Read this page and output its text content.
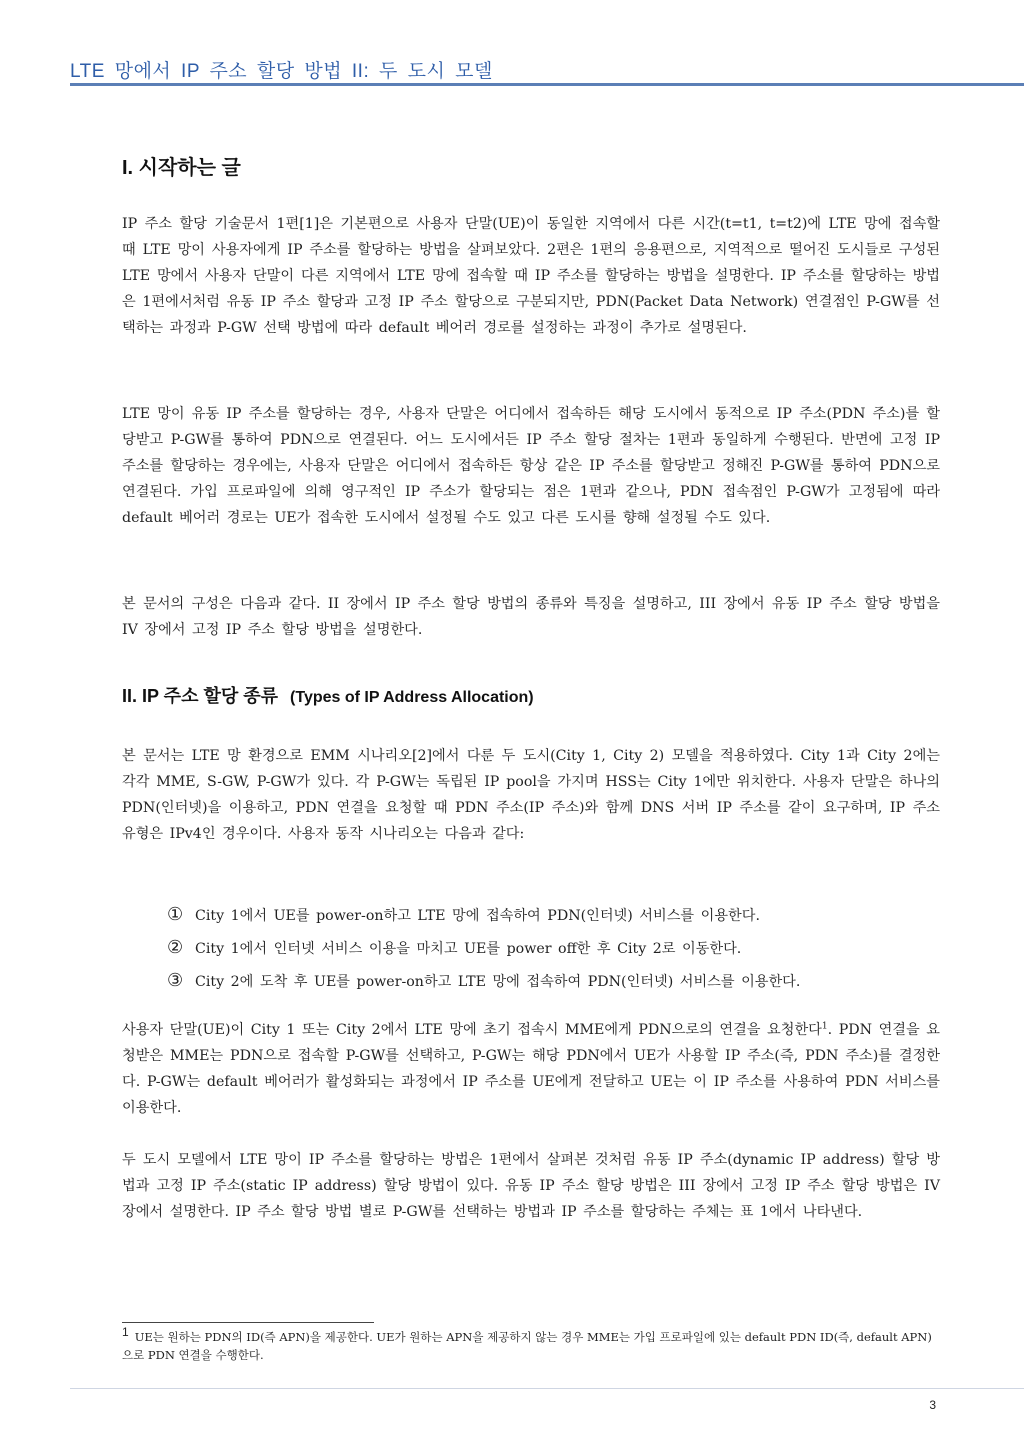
LTE 망에서 IP 주소 할당 방법 II: 두 도시 모델
I. 시작하는 글

IP 주소 할당 기술문서 1편[1]은 기본편으로 사용자 단말(UE)이 동일한 지역에서 다른 시간(t=t1, t=t2)에 LTE 망에 접속할 때 LTE 망이 사용자에게 IP 주소를 할당하는 방법을 살펴보았다. 2편은 1편의 응용편으로, 지역적으로 떨어진 도시들로 구성된 LTE 망에서 사용자 단말이 다른 지역에서 LTE 망에 접속할 때 IP 주소를 할당하는 방법을 설명한다. IP 주소를 할당하는 방법은 1편에서처럼 유동 IP 주소 할당과 고정 IP 주소 할당으로 구분되지만, PDN(Packet Data Network) 연결점인 P-GW를 선택하는 과정과 P-GW 선택 방법에 따라 default 베어러 경로를 설정하는 과정이 추가로 설명된다.

LTE 망이 유동 IP 주소를 할당하는 경우, 사용자 단말은 어디에서 접속하든 해당 도시에서 동적으로 IP 주소(PDN 주소)를 할당받고 P-GW를 통하여 PDN으로 연결된다. 어느 도시에서든 IP 주소 할당 절차는 1편과 동일하게 수행된다. 반면에 고정 IP 주소를 할당하는 경우에는, 사용자 단말은 어디에서 접속하든 항상 같은 IP 주소를 할당받고 정해진 P-GW를 통하여 PDN으로 연결된다. 가입 프로파일에 의해 영구적인 IP 주소가 할당되는 점은 1편과 같으나, PDN 접속점인 P-GW가 고정됨에 따라 default 베어러 경로는 UE가 접속한 도시에서 설정될 수도 있고 다른 도시를 향해 설정될 수도 있다.

본 문서의 구성은 다음과 같다. II 장에서 IP 주소 할당 방법의 종류와 특징을 설명하고, III 장에서 유동 IP 주소 할당 방법을 IV 장에서 고정 IP 주소 할당 방법을 설명한다.

II. IP 주소 할당 종류 (Types of IP Address Allocation)

본 문서는 LTE 망 환경으로 EMM 시나리오[2]에서 다룬 두 도시(City 1, City 2) 모델을 적용하였다. City 1과 City 2에는 각각 MME, S-GW, P-GW가 있다. 각 P-GW는 독립된 IP pool을 가지며 HSS는 City 1에만 위치한다. 사용자 단말은 하나의 PDN(인터넷)을 이용하고, PDN 연결을 요청할 때 PDN 주소(IP 주소)와 함께 DNS 서버 IP 주소를 같이 요구하며, IP 주소 유형은 IPv4인 경우이다. 사용자 동작 시나리오는 다음과 같다:

① City 1에서 UE를 power-on하고 LTE 망에 접속하여 PDN(인터넷) 서비스를 이용한다.
② City 1에서 인터넷 서비스 이용을 마치고 UE를 power off한 후 City 2로 이동한다.
③ City 2에 도착 후 UE를 power-on하고 LTE 망에 접속하여 PDN(인터넷) 서비스를 이용한다.

사용자 단말(UE)이 City 1 또는 City 2에서 LTE 망에 초기 접속시 MME에게 PDN으로의 연결을 요청한다$^1$. PDN 연결을 요청받은 MME는 PDN으로 접속할 P-GW를 선택하고, P-GW는 해당 PDN에서 UE가 사용할 IP 주소(즉, PDN 주소)를 결정한다. P-GW는 default 베어러가 활성화되는 과정에서 IP 주소를 UE에게 전달하고 UE는 이 IP 주소를 사용하여 PDN 서비스를 이용한다.

두 도시 모델에서 LTE 망이 IP 주소를 할당하는 방법은 1편에서 살펴본 것처럼 유동 IP 주소(dynamic IP address) 할당 방법과 고정 IP 주소(static IP address) 할당 방법이 있다. 유동 IP 주소 할당 방법은 III 장에서 고정 IP 주소 할당 방법은 IV 장에서 설명한다. IP 주소 할당 방법 별로 P-GW를 선택하는 방법과 IP 주소를 할당하는 주체는 표 1에서 나타낸다.

1 UE는 원하는 PDN의 ID(즉 APN)을 제공한다. UE가 원하는 APN을 제공하지 않는 경우 MME는 가입 프로파일에 있는 default PDN ID(즉, default APN)으로 PDN 연결을 수행한다.

3
